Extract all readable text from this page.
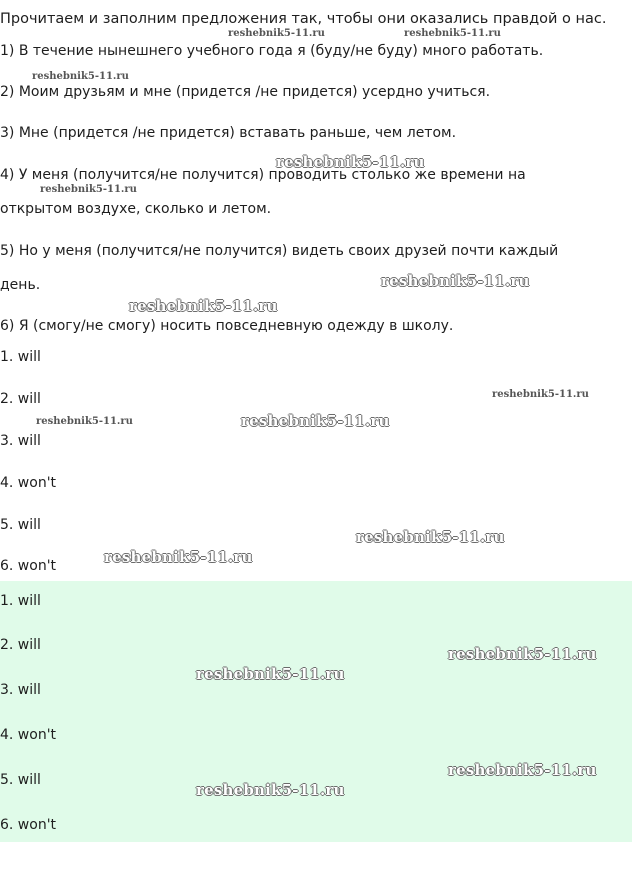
Прочитаем и заполним предложения так, чтобы они оказались правдой о нас.
1) В течение нынешнего учебного года я (буду/не буду) много работать.
2) Моим друзьям и мне (придется /не придется) усердно учиться.
3) Мне (придется /не придется) вставать раньше, чем летом.
4) У меня (получится/не получится) проводить столько же времени на
открытом воздухе, сколько и летом.
5) Но у меня (получится/не получится) видеть своих друзей почти каждый
день.
6) Я (смогу/не смогу) носить повседневную одежду в школу.
1. will
2. will
3. will
4. won't
5. will
6. won't
1. will
2. will
3. will
4. won't
5. will
6. won't
reshebnik5-11.ru	reshebnik5-11.ru
reshebnik5-11.ru
reshebnik5-11.ru
reshebnik5-11.ru
reshebnik5-11.ru
reshebnik5-11.ru
reshebnik5-11.ru
reshebnik5-11.ru	reshebnik5-11.ru
reshebnik5-11.ru
reshebnik5-11.ru
reshebnik5-11.ru
reshebnik5-11.ru
reshebnik5-11.ru
reshebnik5-11.ru
